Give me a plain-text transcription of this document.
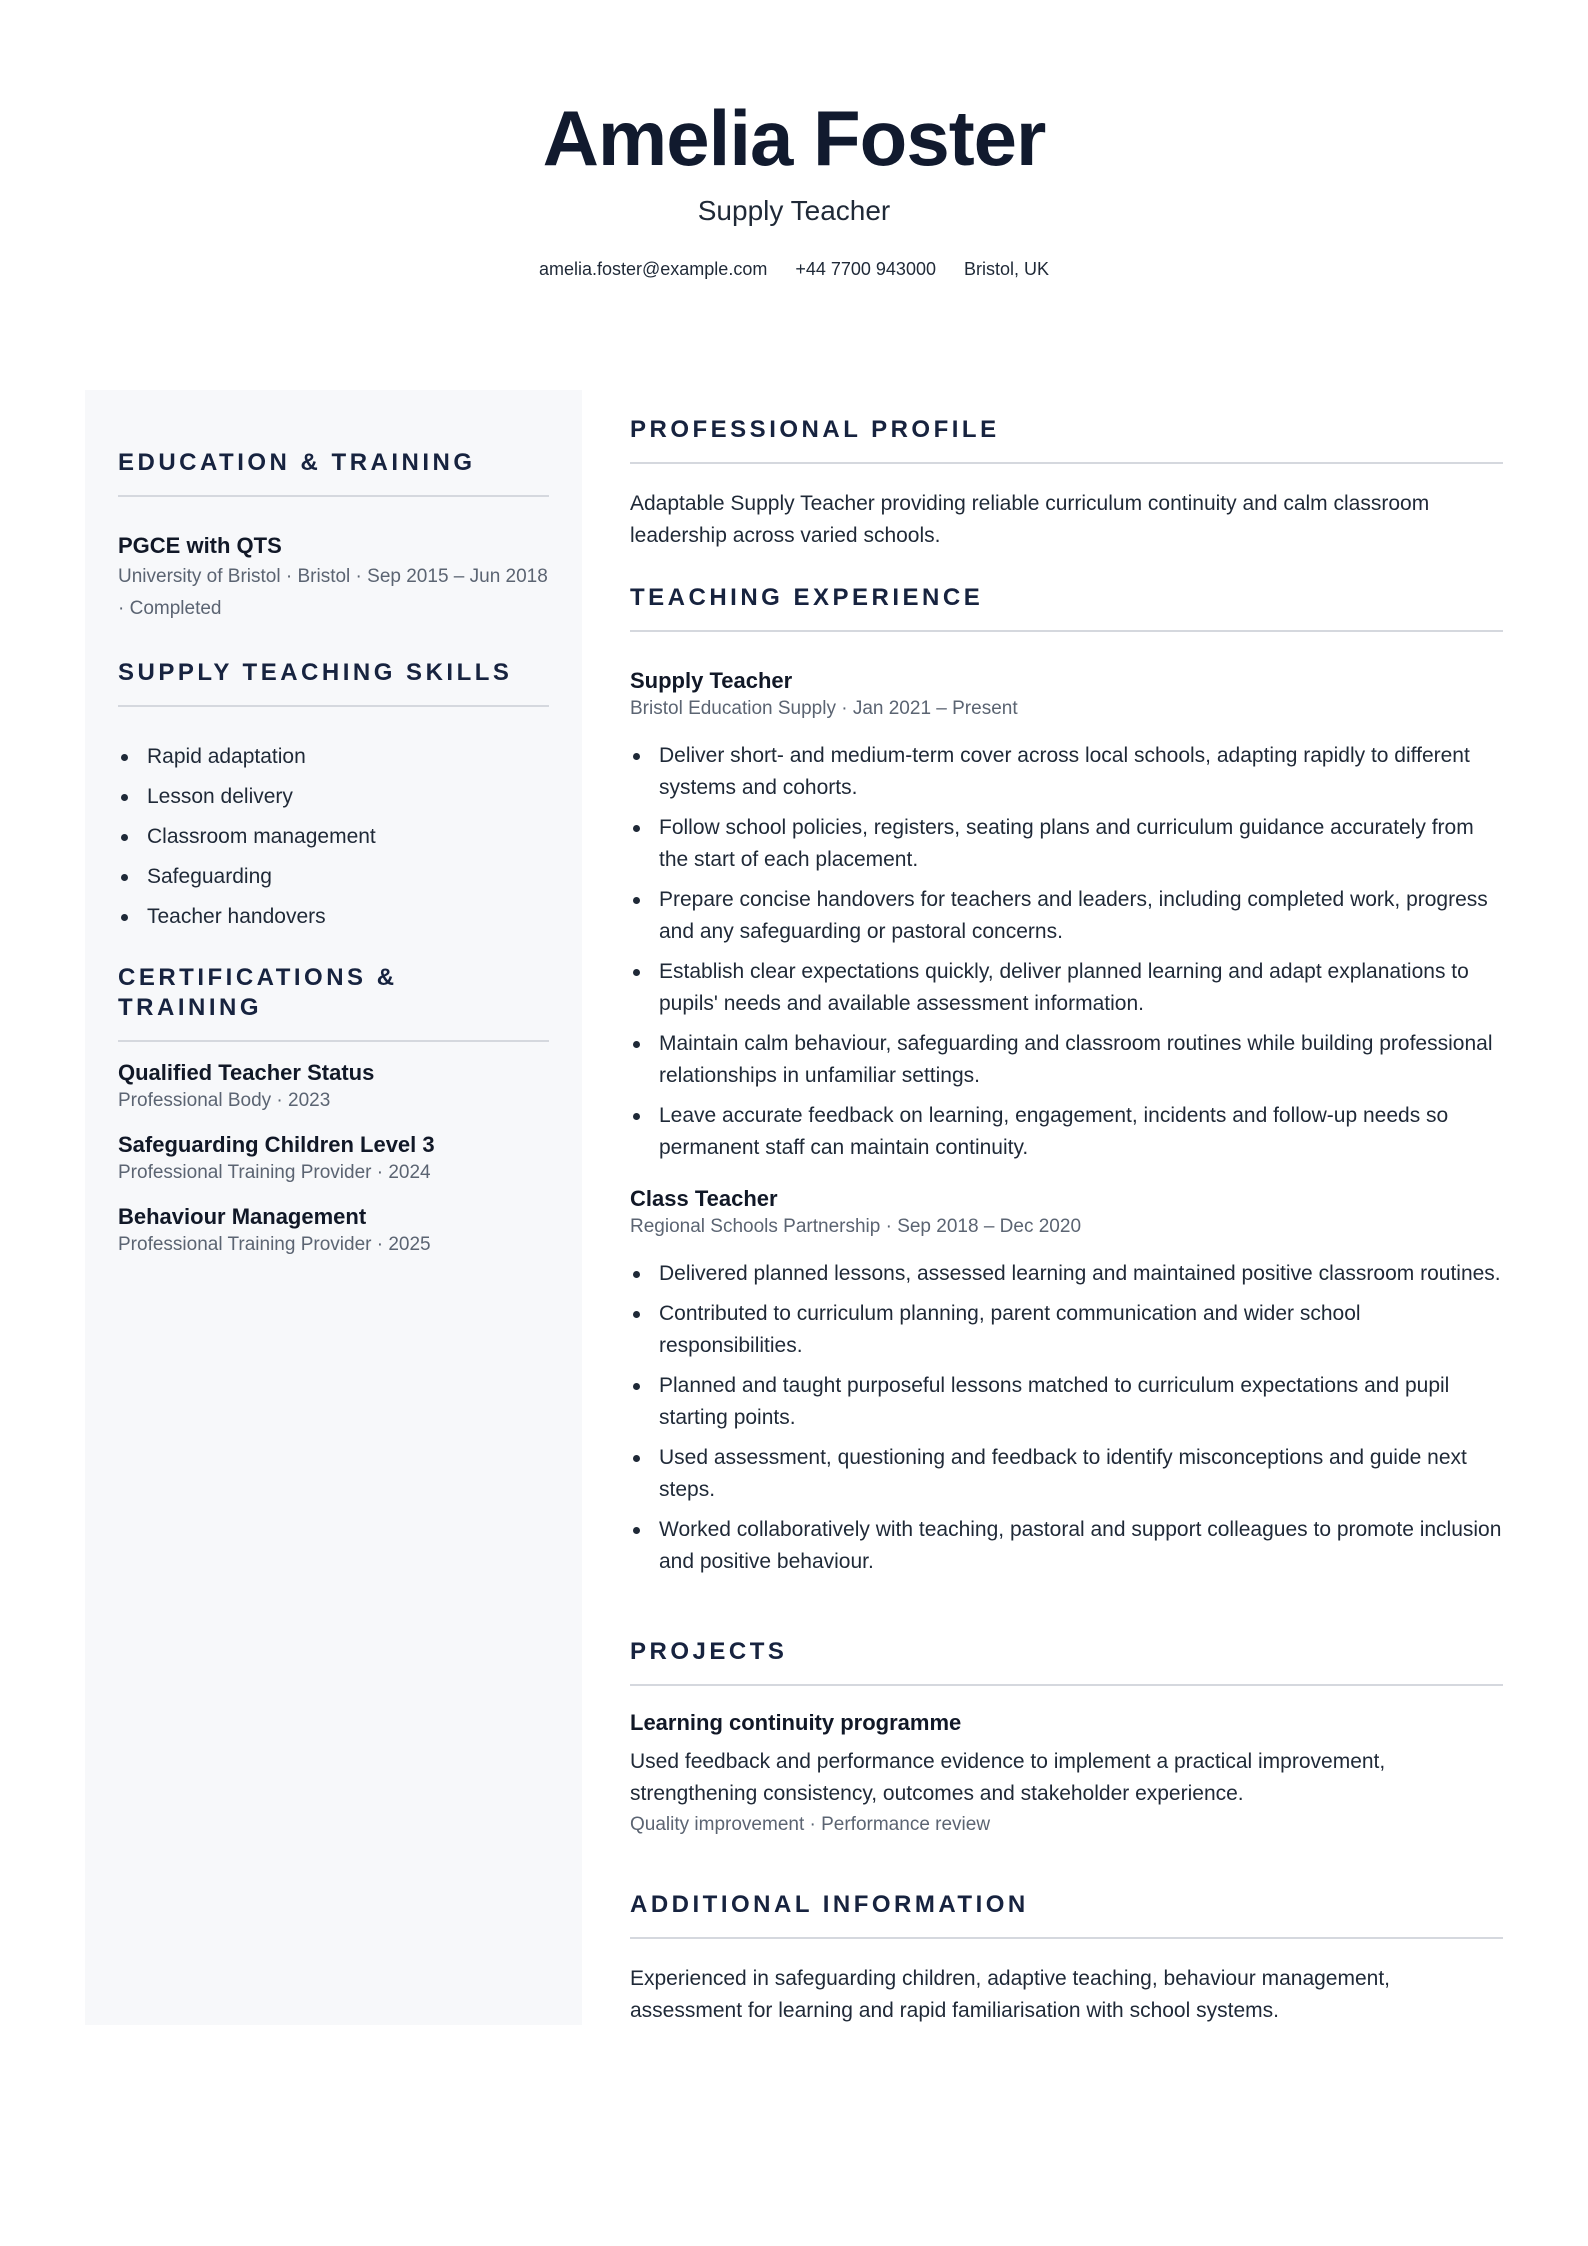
Amelia Foster
Supply Teacher
amelia.foster@example.com +44 7700 943000 Bristol, UK
EDUCATION & TRAINING
PGCE with QTS
University of Bristol · Bristol · Sep 2015 – Jun 2018
· Completed
SUPPLY TEACHING SKILLS
Rapid adaptation
Lesson delivery
Classroom management
Safeguarding
Teacher handovers
CERTIFICATIONS & TRAINING
Qualified Teacher Status
Professional Body · 2023
Safeguarding Children Level 3
Professional Training Provider · 2024
Behaviour Management
Professional Training Provider · 2025
PROFESSIONAL PROFILE
Adaptable Supply Teacher providing reliable curriculum continuity and calm classroom leadership across varied schools.
TEACHING EXPERIENCE
Supply Teacher
Bristol Education Supply · Jan 2021 – Present
Deliver short- and medium-term cover across local schools, adapting rapidly to different systems and cohorts.
Follow school policies, registers, seating plans and curriculum guidance accurately from the start of each placement.
Prepare concise handovers for teachers and leaders, including completed work, progress and any safeguarding or pastoral concerns.
Establish clear expectations quickly, deliver planned learning and adapt explanations to pupils' needs and available assessment information.
Maintain calm behaviour, safeguarding and classroom routines while building professional relationships in unfamiliar settings.
Leave accurate feedback on learning, engagement, incidents and follow-up needs so permanent staff can maintain continuity.
Class Teacher
Regional Schools Partnership · Sep 2018 – Dec 2020
Delivered planned lessons, assessed learning and maintained positive classroom routines.
Contributed to curriculum planning, parent communication and wider school responsibilities.
Planned and taught purposeful lessons matched to curriculum expectations and pupil starting points.
Used assessment, questioning and feedback to identify misconceptions and guide next steps.
Worked collaboratively with teaching, pastoral and support colleagues to promote inclusion and positive behaviour.
PROJECTS
Learning continuity programme
Used feedback and performance evidence to implement a practical improvement, strengthening consistency, outcomes and stakeholder experience.
Quality improvement · Performance review
ADDITIONAL INFORMATION
Experienced in safeguarding children, adaptive teaching, behaviour management, assessment for learning and rapid familiarisation with school systems.
